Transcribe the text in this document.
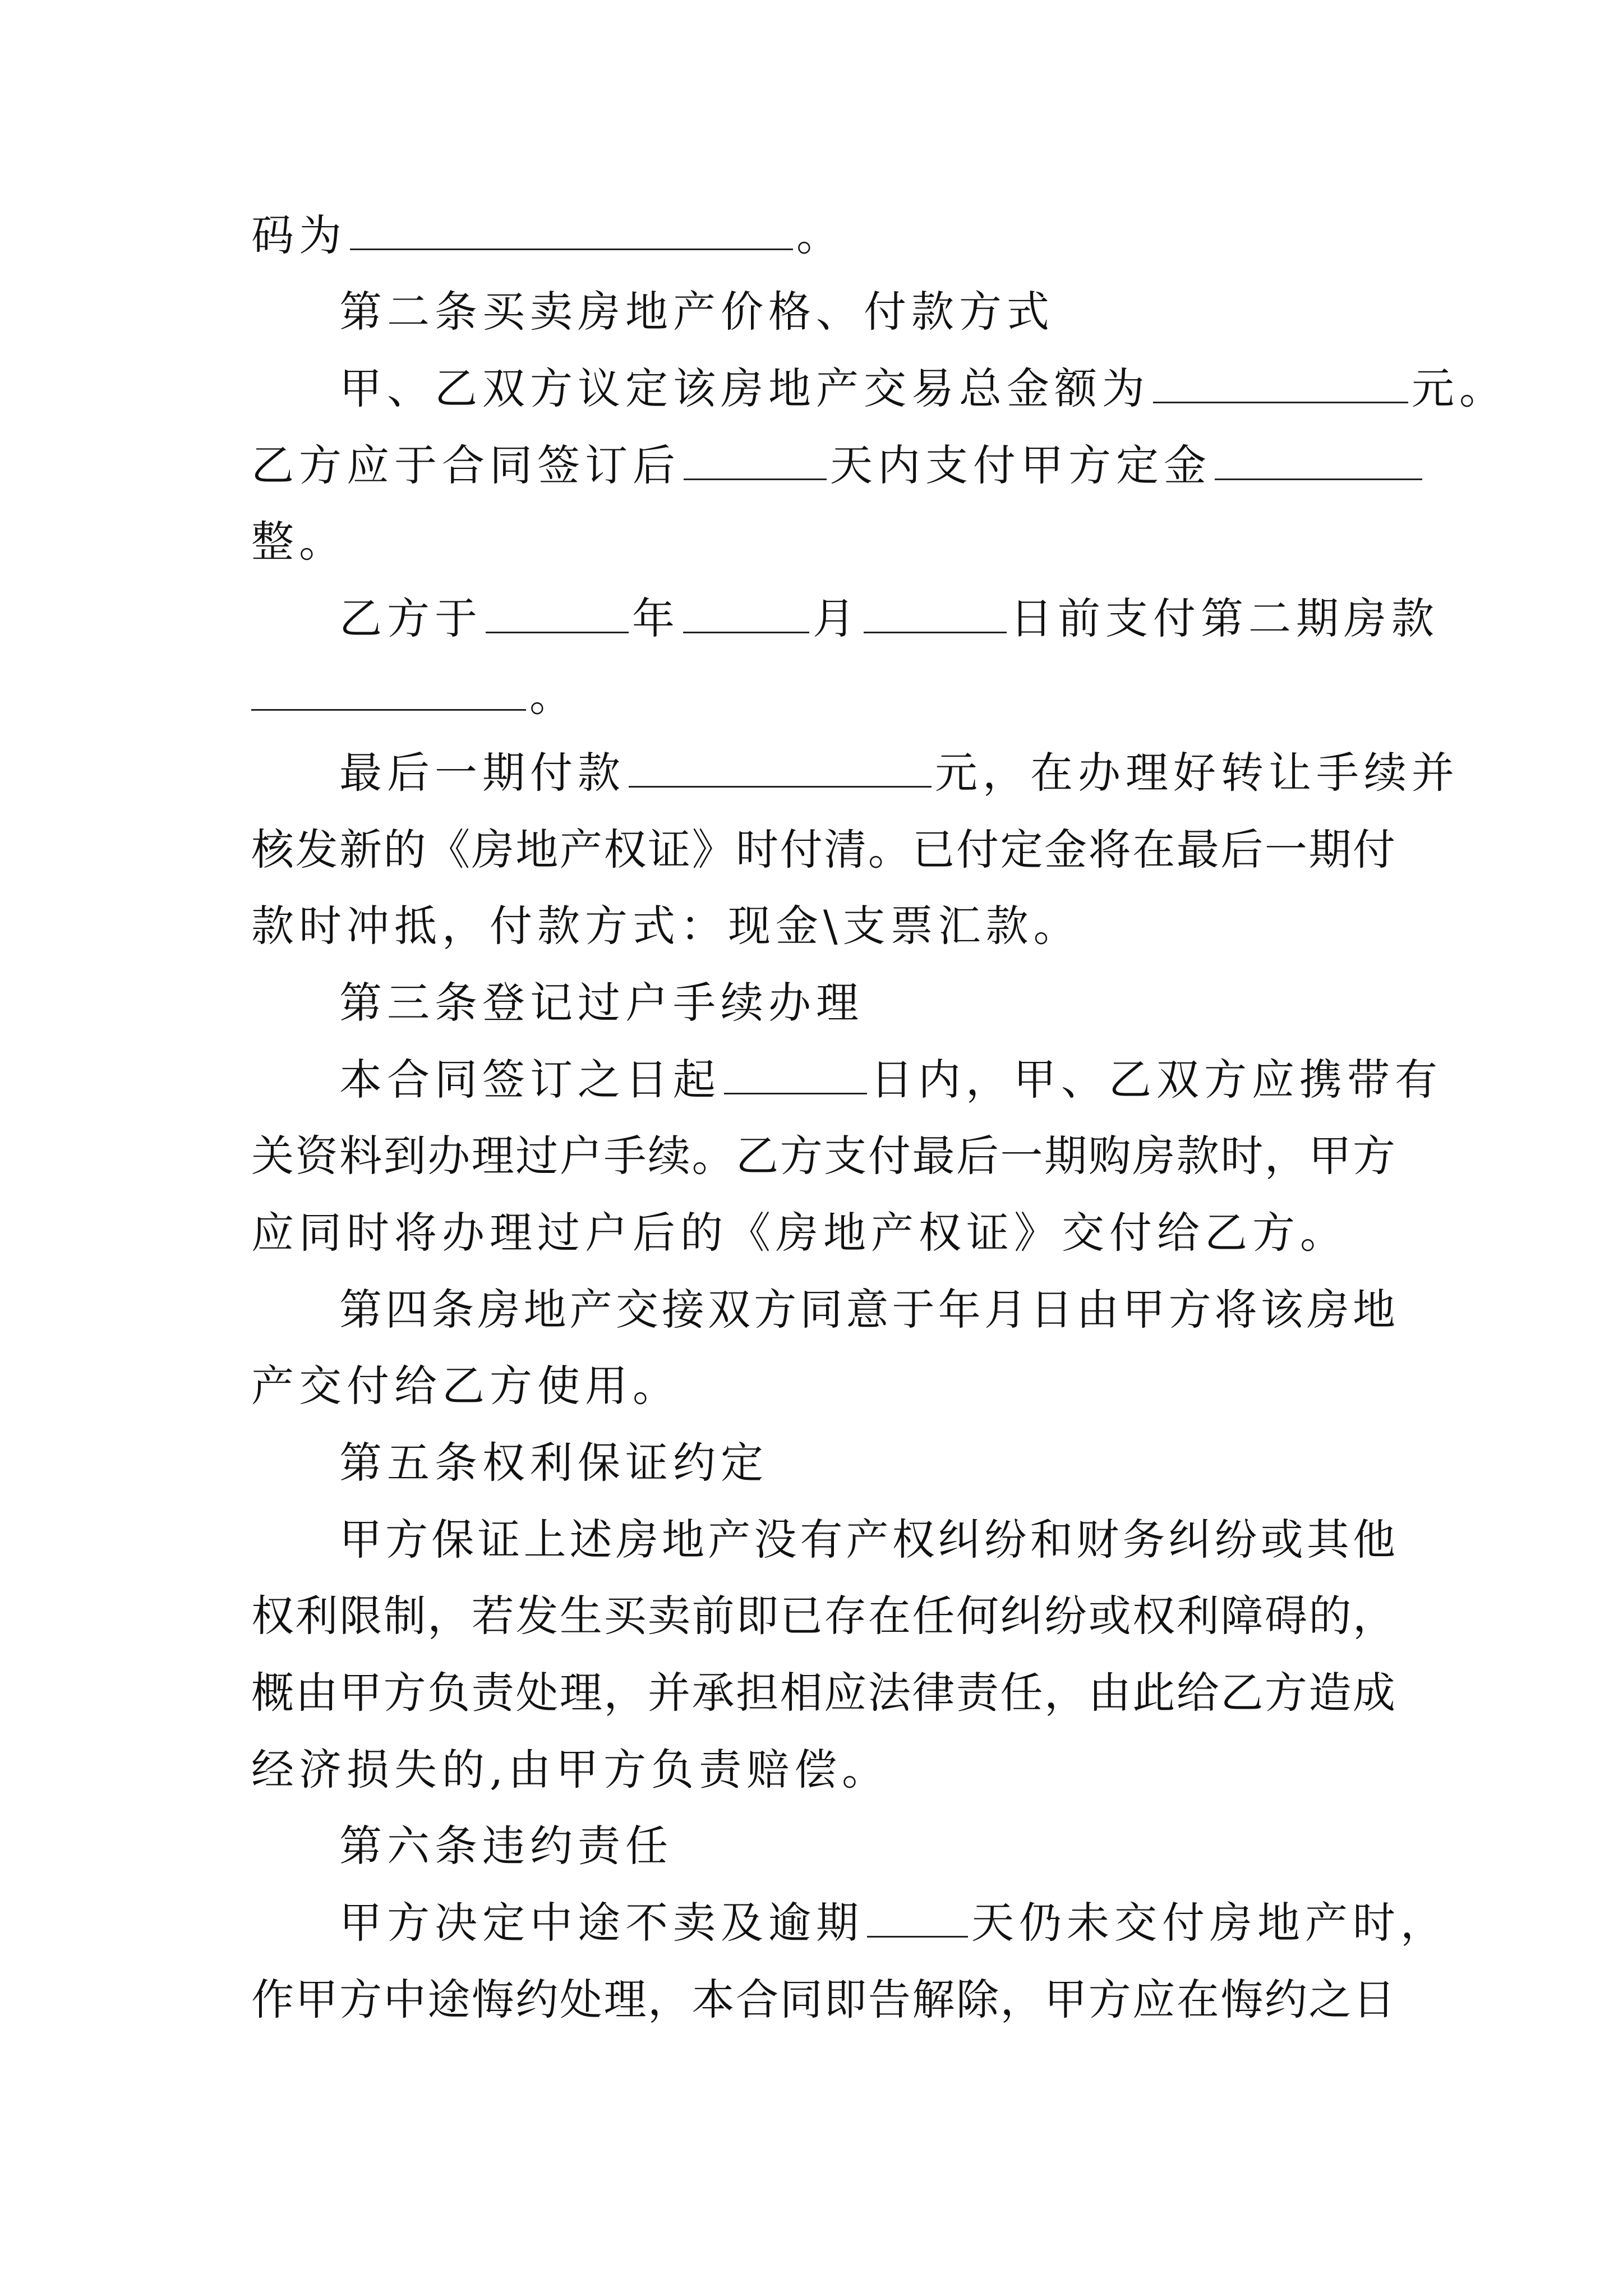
码为	。
第二条买卖房地产价格、付款方式
甲、乙双方议定该房地产交易总金额为	元。
乙方应于合同签订后	天内支付甲方定金
整。
乙方于	年	月	日前支付第二期房款
。
最后一期付款	元，在办理好转让手续并
核发新的《房地产权证》时付清。已付定金将在最后一期付
款时冲抵，付款方式：现金\支票汇款。
第三条登记过户手续办理
本合同签订之日起	日内，甲、乙双方应携带有
关资料到办理过户手续。乙方支付最后一期购房款时，甲方
应同时将办理过户后的《房地产权证》交付给乙方。
第四条房地产交接双方同意于年月日由甲方将该房地
产交付给乙方使用。
第五条权利保证约定
甲方保证上述房地产没有产权纠纷和财务纠纷或其他
权利限制，若发生买卖前即已存在任何纠纷或权利障碍的，
概由甲方负责处理，并承担相应法律责任，由此给乙方造成
经济损失的,由甲方负责赔偿。
第六条违约责任
甲方决定中途不卖及逾期	天仍未交付房地产时，
作甲方中途悔约处理，本合同即告解除，甲方应在悔约之日
